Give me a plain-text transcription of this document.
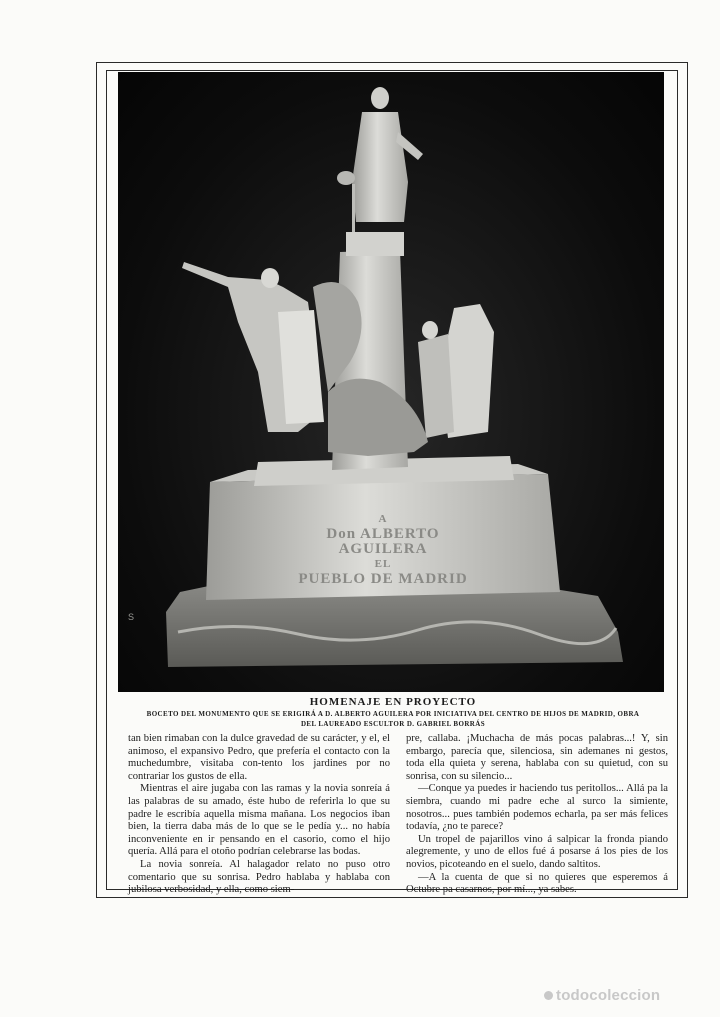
S
A
Don ALBERTO AGUILERA
EL
PUEBLO DE MADRID
HOMENAJE EN PROYECTO
BOCETO DEL MONUMENTO QUE SE ERIGIRÁ A D. ALBERTO AGUILERA POR INICIATIVA DEL CENTRO DE HIJOS DE MADRID, OBRA
DEL LAUREADO ESCULTOR D. GABRIEL BORRÁS

tan bien rimaban con la dulce gravedad de su carácter, y el, el animoso, el expansivo Pedro, que prefería el contacto con la muchedumbre, visitaba con-tento los jardines por no contrariar los gustos de ella.

Mientras el aire jugaba con las ramas y la novia sonreía á las palabras de su amado, éste hubo de referirla lo que su padre le escribía aquella misma mañana. Los negocios iban bien, la tierra daba más de lo que se le pedía y... no había inconveniente en ir pensando en el casorio, como el hijo quería. Allá para el otoño podrían celebrarse las bodas.

La novia sonreía. Al halagador relato no puso otro comentario que su sonrisa. Pedro hablaba y hablaba con jubilosa verbosidad, y ella, como siem-

pre, callaba. ¡Muchacha de más pocas palabras...! Y, sin embargo, parecía que, silenciosa, sin ademanes ni gestos, toda ella quieta y serena, hablaba con su quietud, con su sonrisa, con su silencio...

—Conque ya puedes ir haciendo tus peritollos... Allá pa la siembra, cuando mi padre eche al surco la simiente, nosotros... pues también podemos echarla, pa ser más felices todavía, ¿no te parece?

Un tropel de pajarillos vino á salpicar la fronda piando alegremente, y uno de ellos fué á posarse á los pies de los novios, picoteando en el suelo, dando saltitos.

—A la cuenta de que si no quieres que esperemos á Octubre pa casarnos, por mí..., ya sabes.

todocoleccion
